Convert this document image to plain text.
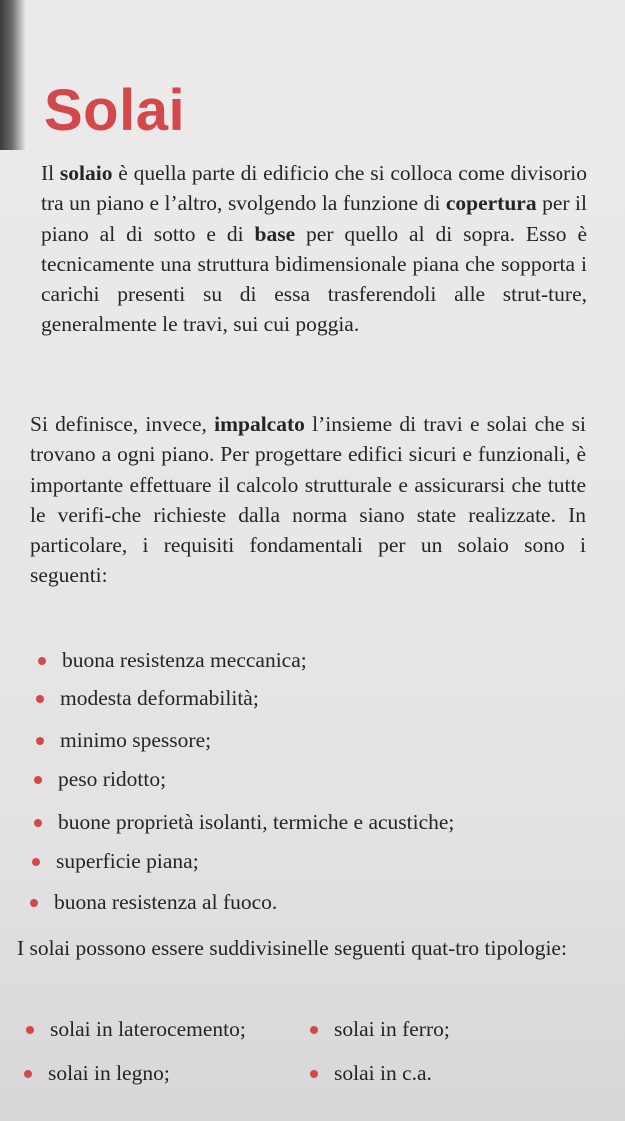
Solai

Il solaio è quella parte di edificio che si colloca come divisorio tra un piano e l’altro, svolgendo la funzione di copertura per il piano al di sotto e di base per quello al di sopra. Esso è tecnicamente una struttura bidimensionale piana che sopporta i carichi presenti su di essa trasferendoli alle strut-ture, generalmente le travi, sui cui poggia.

Si definisce, invece, impalcato l’insieme di travi e solai che si trovano a ogni piano. Per progettare edifici sicuri e funzionali, è importante effettuare il calcolo strutturale e assicurarsi che tutte le verifi-che richieste dalla norma siano state realizzate. In particolare, i requisiti fondamentali per un solaio sono i seguenti:

buona resistenza meccanica;
modesta deformabilità;
minimo spessore;
peso ridotto;
buone proprietà isolanti, termiche e acustiche;
superficie piana;
buona resistenza al fuoco.

I solai possono essere suddivisinelle seguenti quat-tro tipologie:

solai in laterocemento;	solai in ferro;
solai in legno;	solai in c.a.
